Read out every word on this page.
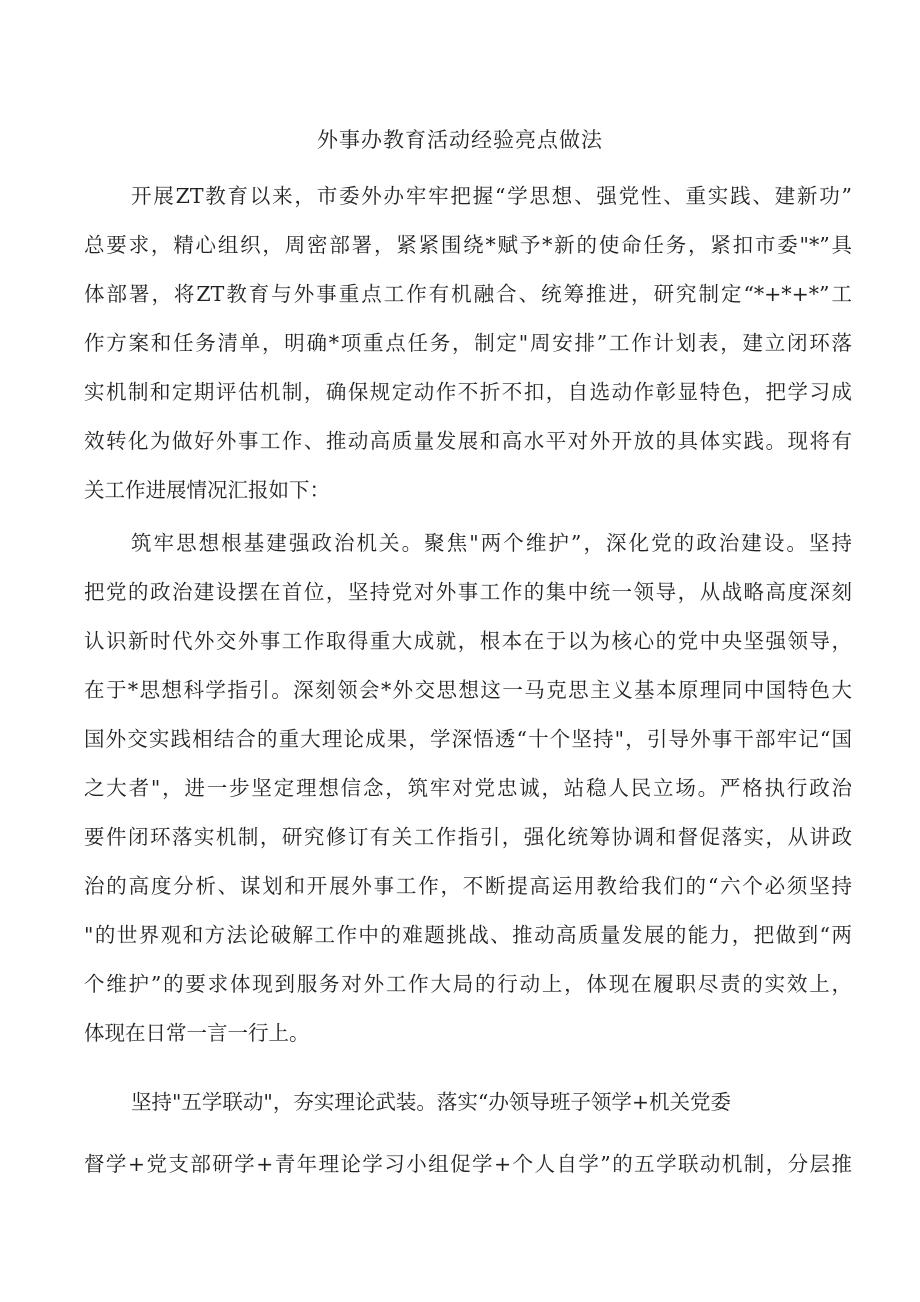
外事办教育活动经验亮点做法
开展ZT教育以来，市委外办牢牢把握“学思想、强党性、重实践、建新功”
总要求，精心组织，周密部署，紧紧围绕*赋予*新的使命任务，紧扣市委"*”具
体部署，将ZT教育与外事重点工作有机融合、统筹推进，研究制定“*+*+*”工
作方案和任务清单，明确*项重点任务，制定"周安排”工作计划表，建立闭环落
实机制和定期评估机制，确保规定动作不折不扣，自选动作彰显特色，把学习成
效转化为做好外事工作、推动高质量发展和高水平对外开放的具体实践。现将有
关工作进展情况汇报如下：
筑牢思想根基建强政治机关。聚焦"两个维护”，深化党的政治建设。坚持
把党的政治建设摆在首位，坚持党对外事工作的集中统一领导，从战略高度深刻
认识新时代外交外事工作取得重大成就，根本在于以为核心的党中央坚强领导，
在于*思想科学指引。深刻领会*外交思想这一马克思主义基本原理同中国特色大
国外交实践相结合的重大理论成果，学深悟透“十个坚持"，引导外事干部牢记“国
之大者"，进一步坚定理想信念，筑牢对党忠诚，站稳人民立场。严格执行政治
要件闭环落实机制，研究修订有关工作指引，强化统筹协调和督促落实，从讲政
治的高度分析、谋划和开展外事工作，不断提高运用教给我们的“六个必须坚持
"的世界观和方法论破解工作中的难题挑战、推动高质量发展的能力，把做到“两
个维护”的要求体现到服务对外工作大局的行动上，体现在履职尽责的实效上，
体现在日常一言一行上。
坚持"五学联动"，夯实理论武装。落实“办领导班子领学+机关党委
督学+党支部研学+青年理论学习小组促学+个人自学”的五学联动机制，分层推
